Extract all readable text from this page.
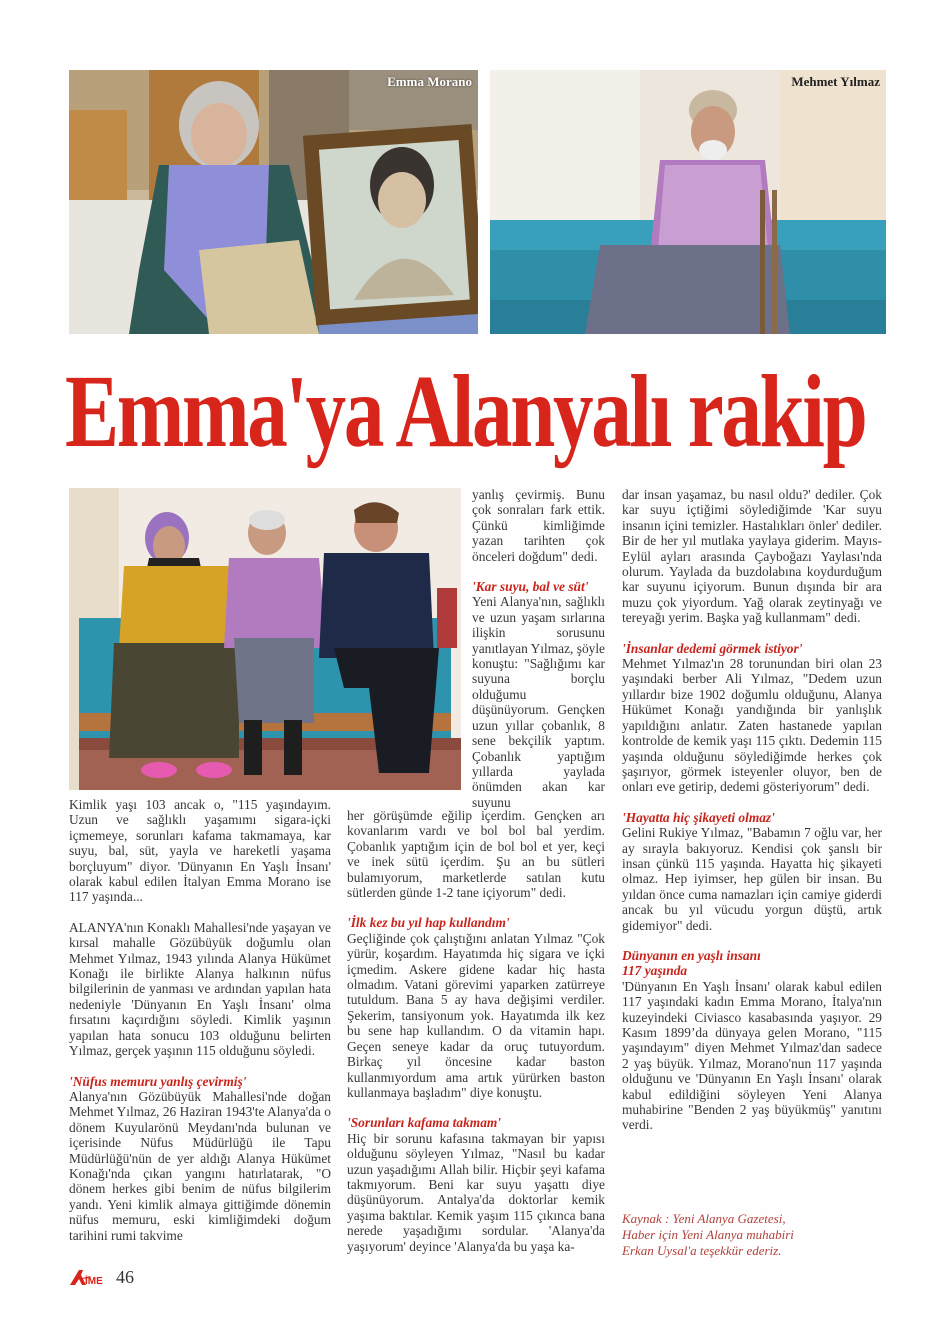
Emma Morano	Mehmet Yılmaz
Emma'ya Alanyalı rakip

Kimlik yaşı 103 ancak o, "115 yaşındayım. Uzun ve sağlıklı yaşamımı sigara-içki içmemeye, sorunları kafama takmamaya, kar suyu, bal, süt, yayla ve hareketli yaşama borçluyum" diyor. 'Dünyanın En Yaşlı İnsanı' olarak kabul edilen İtalyan Emma Morano ise 117 yaşında...

ALANYA'nın Konaklı Mahallesi'nde yaşayan ve kırsal mahalle Gözübüyük doğumlu olan Mehmet Yılmaz, 1943 yılında Alanya Hükümet Konağı ile birlikte Alanya halkının nüfus bilgilerinin de yanması ve ardından yapılan hata nedeniyle 'Dünyanın En Yaşlı İnsanı' olma fırsatını kaçırdığını söyledi. Kimlik yaşının yapılan hata sonucu 103 olduğunu belirten Yılmaz, gerçek yaşının 115 olduğunu söyledi.

'Nüfus memuru yanlış çevirmiş'

Alanya'nın Gözübüyük Mahallesi'nde doğan Mehmet Yılmaz, 26 Haziran 1943'te Alanya'da o dönem Kuyularönü Meydanı'nda bulunan ve içerisinde Nüfus Müdürlüğü ile Tapu Müdürlüğü'nün de yer aldığı Alanya Hükümet Konağı'nda çıkan yangını hatırlatarak, "O dönem herkes gibi benim de nüfus bilgilerim yandı. Yeni kimlik almaya gittiğimde dönemin nüfus memuru, eski kimliğimdeki doğum tarihini rumi takvime

yanlış çevirmiş. Bunu çok sonraları fark ettik. Çünkü kimliğimde yazan tarihten çok önceleri doğdum" dedi.

'Kar suyu, bal ve süt'

Yeni Alanya'nın, sağlıklı ve uzun yaşam sırlarına ilişkin sorusunu yanıtlayan Yılmaz, şöyle konuştu: "Sağlığımı kar suyuna borçlu olduğumu düşünüyorum. Gençken uzun yıllar çobanlık, 8 sene bekçilik yaptım. Çobanlık yaptığım yıllarda yaylada önümden akan kar suyunu

her görüşümde eğilip içerdim. Gençken arı kovanlarım vardı ve bol bol bal yerdim. Çobanlık yaptığım için de bol bol et yer, keçi ve inek sütü içerdim. Şu an bu sütleri bulamıyorum, marketlerde satılan kutu sütlerden günde 1-2 tane içiyorum" dedi.

'İlk kez bu yıl hap kullandım'

Geçliğinde çok çalıştığını anlatan Yılmaz "Çok yürür, koşardım. Hayatımda hiç sigara ve içki içmedim. Askere gidene kadar hiç hasta olmadım. Vatani görevimi yaparken zatürreye tutuldum. Bana 5 ay hava değişimi verdiler. Şekerim, tansiyonum yok. Hayatımda ilk kez bu sene hap kullandım. O da vitamin hapı. Geçen seneye kadar da oruç tutuyordum. Birkaç yıl öncesine kadar baston kullanmıyordum ama artık yürürken baston kullanmaya başladım" diye konuştu.

'Sorunları kafama takmam'

Hiç bir sorunu kafasına takmayan bir yapısı olduğunu söyleyen Yılmaz, "Nasıl bu kadar uzun yaşadığımı Allah bilir. Hiçbir şeyi kafama takmıyorum. Beni kar suyu yaşattı diye düşünüyorum. Antalya'da doktorlar kemik yaşıma baktılar. Kemik yaşım 115 çıkınca bana nerede yaşadığımı sordular. 'Alanya'da yaşıyorum' deyince 'Alanya'da bu yaşa ka-

dar insan yaşamaz, bu nasıl oldu?' dediler. Çok kar suyu içtiğimi söylediğimde 'Kar suyu insanın içini temizler. Hastalıkları önler' dediler. Bir de her yıl mutlaka yaylaya giderim. Mayıs-Eylül ayları arasında Çayboğazı Yaylası'nda olurum. Yaylada da buzdolabına koydurduğum kar suyunu içiyorum. Bunun dışında bir ara muzu çok yiyordum. Yağ olarak zeytinyağı ve tereyağı yerim. Başka yağ kullanmam" dedi.

'İnsanlar dedemi görmek istiyor'

Mehmet Yılmaz'ın 28 torunundan biri olan 23 yaşındaki berber Ali Yılmaz, "Dedem uzun yıllardır bize 1902 doğumlu olduğunu, Alanya Hükümet Konağı yandığında bir yanlışlık yapıldığını anlatır. Zaten hastanede yapılan kontrolde de kemik yaşı 115 çıktı. Dedemin 115 yaşında olduğunu söylediğimde herkes çok şaşırıyor, görmek isteyenler oluyor, ben de onları eve getirip, dedemi gösteriyorum" dedi.

'Hayatta hiç şikayeti olmaz'

Gelini Rukiye Yılmaz, "Babamın 7 oğlu var, her ay sırayla bakıyoruz. Kendisi çok şanslı bir insan çünkü 115 yaşında. Hayatta hiç şikayeti olmaz. Hep iyimser, hep gülen bir insan. Bu yıldan önce cuma namazları için camiye giderdi ancak bu yıl vücudu yorgun düştü, artık gidemiyor" dedi.

Dünyanın en yaşlı insanı

117 yaşında

'Dünyanın En Yaşlı İnsanı' olarak kabul edilen 117 yaşındaki kadın Emma Morano, İtalya'nın kuzeyindeki Civiasco kasabasında yaşıyor. 29 Kasım 1899’da dünyaya gelen Morano, "115 yaşındayım" diyen Mehmet Yılmaz'dan sadece 2 yaş büyük. Yılmaz, Morano'nun 117 yaşında olduğunu ve 'Dünyanın En Yaşlı İnsanı' olarak kabul edildiğini söyleyen Yeni Alanya muhabirine "Benden 2 yaş büyükmüş" yanıtını verdi.

Kaynak : Yeni Alanya Gazetesi,
Haber için Yeni Alanya muhabiri
Erkan Uysal'a teşekkür ederiz.
İME 46
